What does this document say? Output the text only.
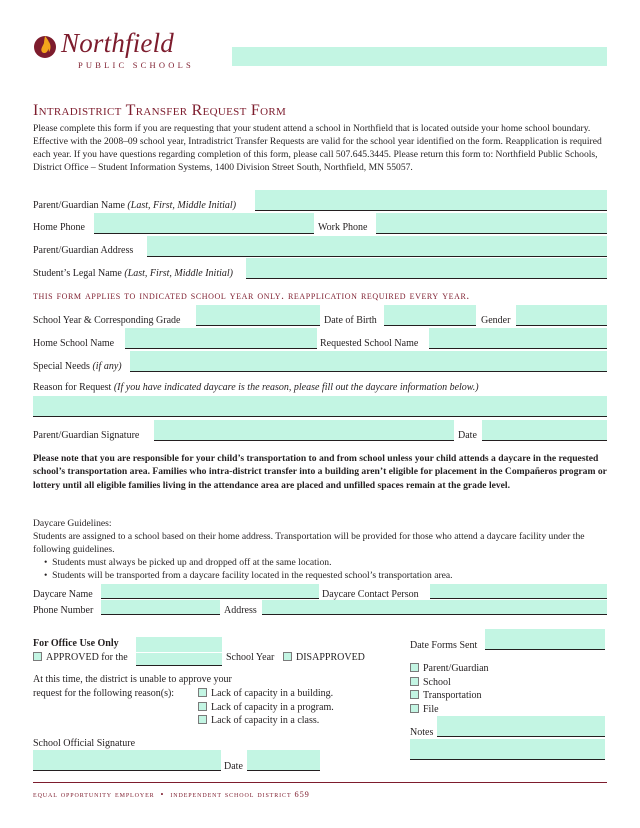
Northfield
PUBLIC SCHOOLS
Intradistrict Transfer Request Form
Please complete this form if you are requesting that your student attend a school in Northfield that is located outside your home school boundary. Effective with the 2008–09 school year, Intradistrict Transfer Requests are valid for the school year identified on the form. Reapplication is required each year. If you have questions regarding completion of this form, please call 507.645.3445. Please return this form to: Northfield Public Schools, District Office – Student Information Systems, 1400 Division Street South, Northfield, MN 55057.
Parent/Guardian Name (Last, First, Middle Initial)
Home Phone	Work Phone
Parent/Guardian Address
Student’s Legal Name (Last, First, Middle Initial)
this form applies to indicated school year only. reapplication required every year.
School Year & Corresponding Grade	Date of Birth	Gender
Home School Name	Requested School Name
Special Needs (if any)
Reason for Request (If you have indicated daycare is the reason, please fill out the daycare information below.)
Parent/Guardian Signature	Date
Please note that you are responsible for your child’s transportation to and from school unless your child attends a daycare in the requested school’s transportation area. Families who intra-district transfer into a building aren’t eligible for placement in the Compañeros program or lottery until all eligible families living in the attendance area are placed and unfilled spaces remain at the grade level.
Daycare Guidelines:
Students are assigned to a school based on their home address. Transportation will be provided for those who attend a daycare facility under the following guidelines.
•  Students must always be picked up and dropped off at the same location.
•  Students will be transported from a daycare facility located in the requested school’s transportation area.
Daycare Name	Daycare Contact Person
Phone Number	Address
For Office Use Only
APPROVED for the	School Year	DISAPPROVED
At this time, the district is unable to approve your
request for the following reason(s):	Lack of capacity in a building.
Lack of capacity in a program.
Lack of capacity in a class.
School Official Signature
Date
Date Forms Sent
Parent/Guardian
School
Transportation
File
Notes
equal opportunity employer  •  independent school district 659
